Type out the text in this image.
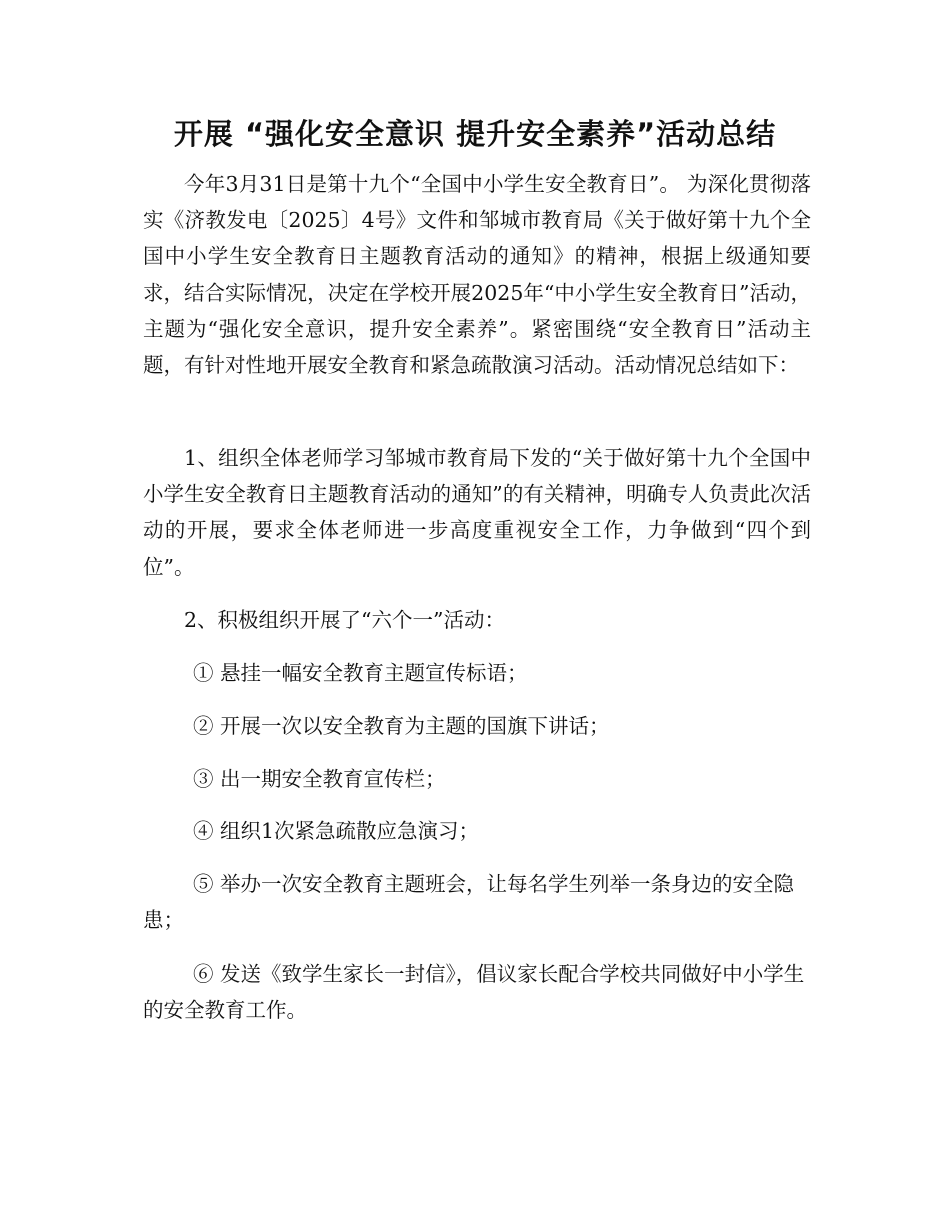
开展 “强化安全意识 提升安全素养”活动总结

今年3月31日是第十九个“全国中小学生安全教育日”。 为深化贯彻落实《济教发电〔2025〕4号》文件和邹城市教育局《关于做好第十九个全国中小学生安全教育日主题教育活动的通知》的精神，根据上级通知要求，结合实际情况，决定在学校开展2025年“中小学生安全教育日”活动，主题为“强化安全意识，提升安全素养”。紧密围绕“安全教育日”活动主题，有针对性地开展安全教育和紧急疏散演习活动。活动情况总结如下：

1、组织全体老师学习邹城市教育局下发的“关于做好第十九个全国中小学生安全教育日主题教育活动的通知”的有关精神，明确专人负责此次活动的开展，要求全体老师进一步高度重视安全工作，力争做到“四个到位”。

2、积极组织开展了“六个一”活动：

① 悬挂一幅安全教育主题宣传标语；

② 开展一次以安全教育为主题的国旗下讲话；

③ 出一期安全教育宣传栏；

④ 组织1次紧急疏散应急演习；

⑤ 举办一次安全教育主题班会，让每名学生列举一条身边的安全隐患；

⑥ 发送《致学生家长一封信》，倡议家长配合学校共同做好中小学生的安全教育工作。
